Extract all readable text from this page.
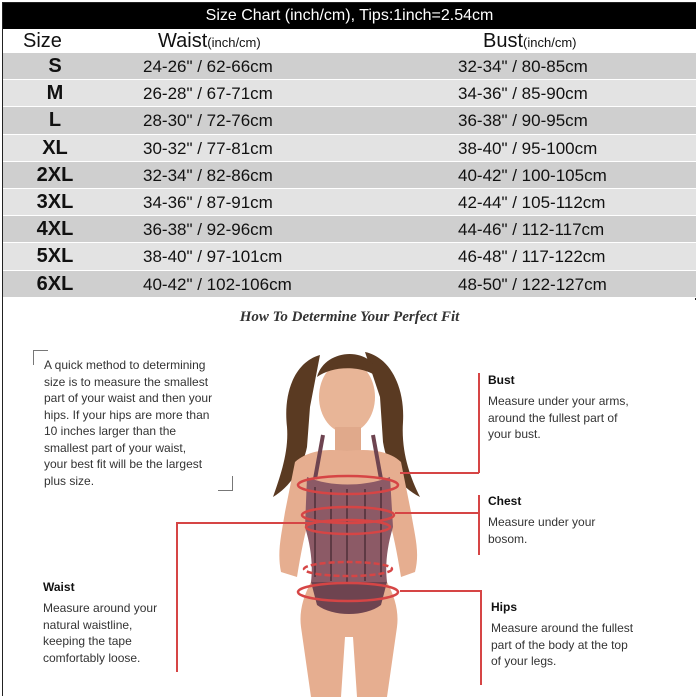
Size Chart (inch/cm), Tips:1inch=2.54cm
Size	Waist(inch/cm)	Bust(inch/cm)
S	24-26" / 62-66cm	32-34" / 80-85cm
M	26-28" / 67-71cm	34-36" / 85-90cm
L	28-30" / 72-76cm	36-38" / 90-95cm
XL	30-32" / 77-81cm	38-40" / 95-100cm
2XL	32-34" / 82-86cm	40-42" / 100-105cm
3XL	34-36" / 87-91cm	42-44" / 105-112cm
4XL	36-38" / 92-96cm	44-46" / 112-117cm
5XL	38-40" / 97-101cm	46-48" / 117-122cm
6XL	40-42" / 102-106cm	48-50" / 122-127cm
How To Determine Your Perfect Fit
A quick method to determining
size is to measure the smallest
part of your waist and then your
hips. If your hips are more than
10 inches larger than the
smallest part of your waist,
your best fit will be the largest
plus size.
Bust
Measure under your arms,
around the fullest part of
your bust.
Chest
Measure under your
bosom.
Waist
Measure around your
natural waistline,
keeping the tape
comfortably loose.
Hips
Measure around the fullest
part of the body at the top
of your legs.
